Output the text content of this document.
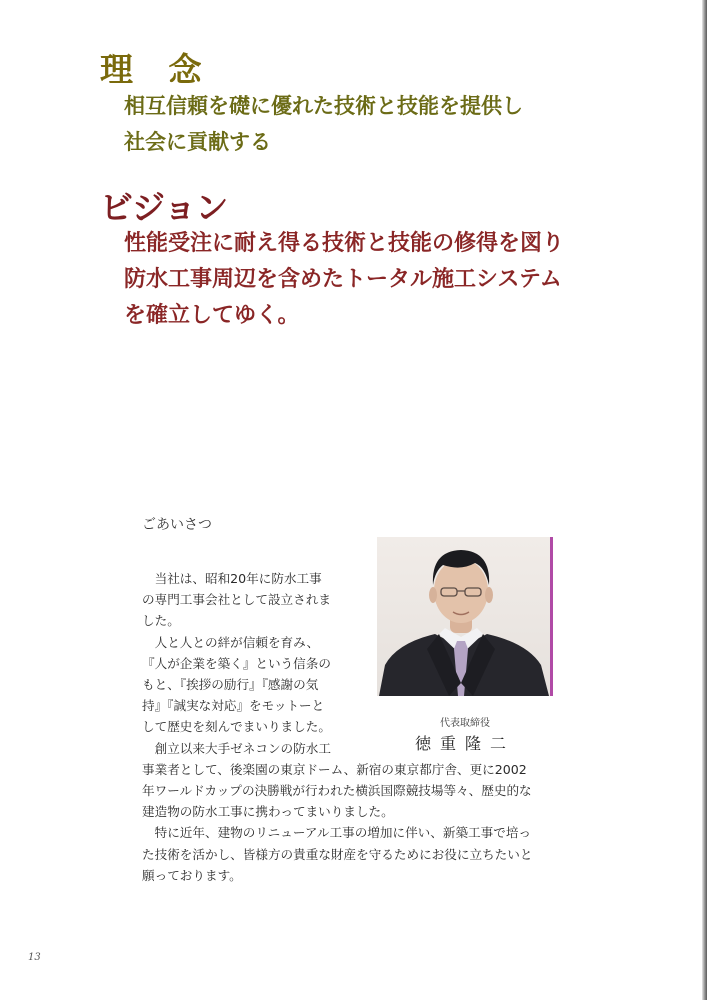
理 念

相互信頼を礎に優れた技術と技能を提供し
社会に貢献する

ビジョン

性能受注に耐え得る技術と技能の修得を図り
防水工事周辺を含めたトータル施工システム
を確立してゆく。

ごあいさつ
代表取締役
徳重隆二
　当社は、昭和20年に防水工事
の専門工事会社として設立されま
した。
　人と人との絆が信頼を育み、
『人が企業を築く』という信条の
もと、『挨拶の励行』『感謝の気
持』『誠実な対応』をモットーと
して歴史を刻んでまいりました。
　創立以来大手ゼネコンの防水工
事業者として、後楽園の東京ドーム、新宿の東京都庁舎、更に2002
年ワールドカップの決勝戦が行われた横浜国際競技場等々、歴史的な
建造物の防水工事に携わってまいりました。
　特に近年、建物のリニューアル工事の増加に伴い、新築工事で培っ
た技術を活かし、皆様方の貴重な財産を守るためにお役に立ちたいと
願っております。
13
